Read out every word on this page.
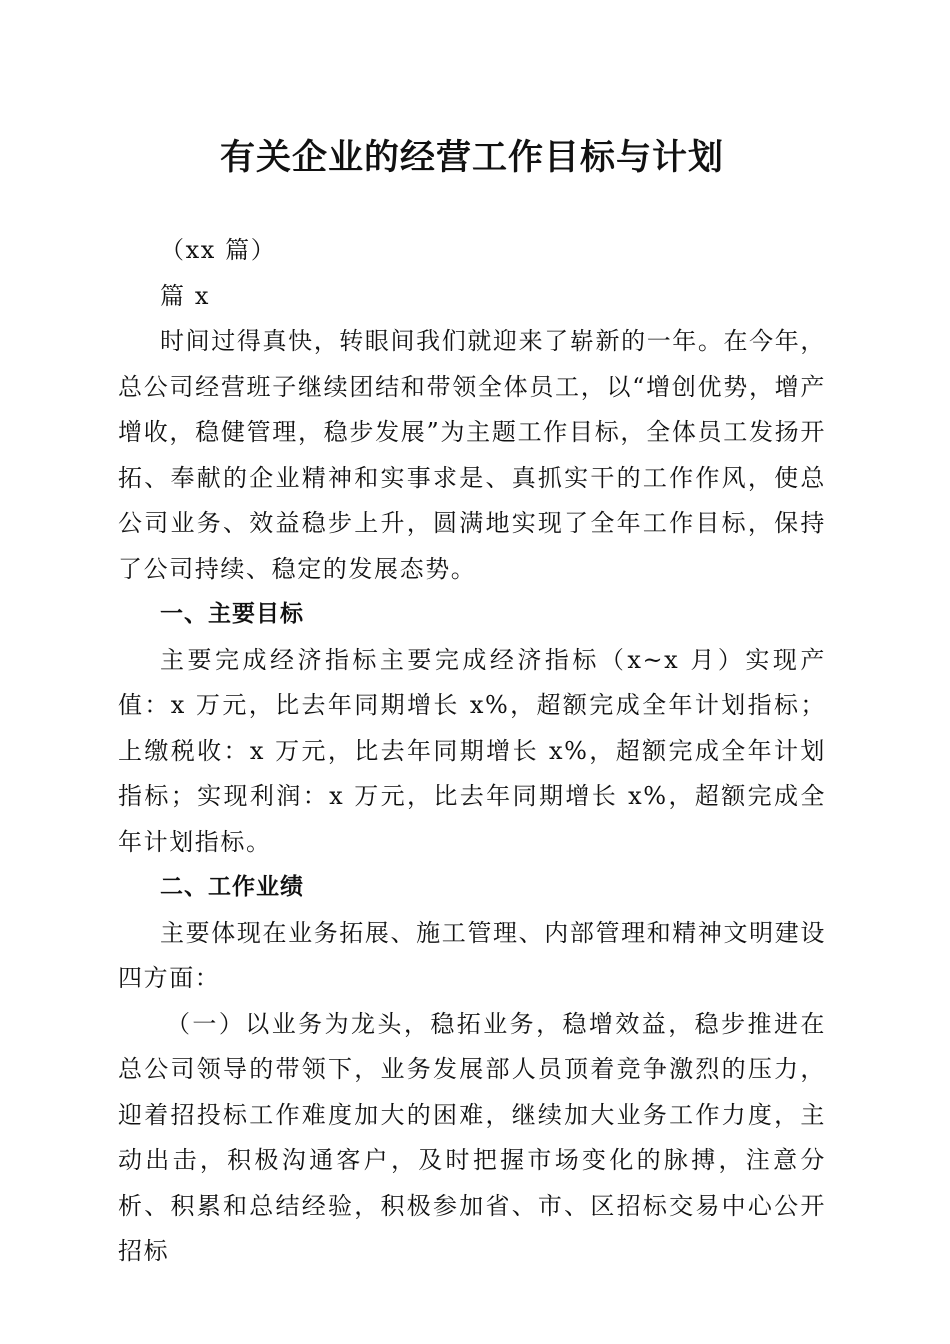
有关企业的经营工作目标与计划

（xx 篇）

篇 x

时间过得真快，转眼间我们就迎来了崭新的一年。在今年，总公司经营班子继续团结和带领全体员工，以“增创优势，增产增收，稳健管理，稳步发展”为主题工作目标，全体员工发扬开拓、奉献的企业精神和实事求是、真抓实干的工作作风，使总公司业务、效益稳步上升，圆满地实现了全年工作目标，保持了公司持续、稳定的发展态势。

一、主要目标

主要完成经济指标主要完成经济指标（x~x 月）实现产值：x 万元，比去年同期增长 x%，超额完成全年计划指标；上缴税收：x 万元，比去年同期增长 x%，超额完成全年计划指标；实现利润：x 万元，比去年同期增长 x%，超额完成全年计划指标。

二、工作业绩

主要体现在业务拓展、施工管理、内部管理和精神文明建设四方面：

（一）以业务为龙头，稳拓业务，稳增效益，稳步推进在总公司领导的带领下，业务发展部人员顶着竞争激烈的压力，迎着招投标工作难度加大的困难，继续加大业务工作力度，主动出击，积极沟通客户，及时把握市场变化的脉搏，注意分析、积累和总结经验，积极参加省、市、区招标交易中心公开招标
